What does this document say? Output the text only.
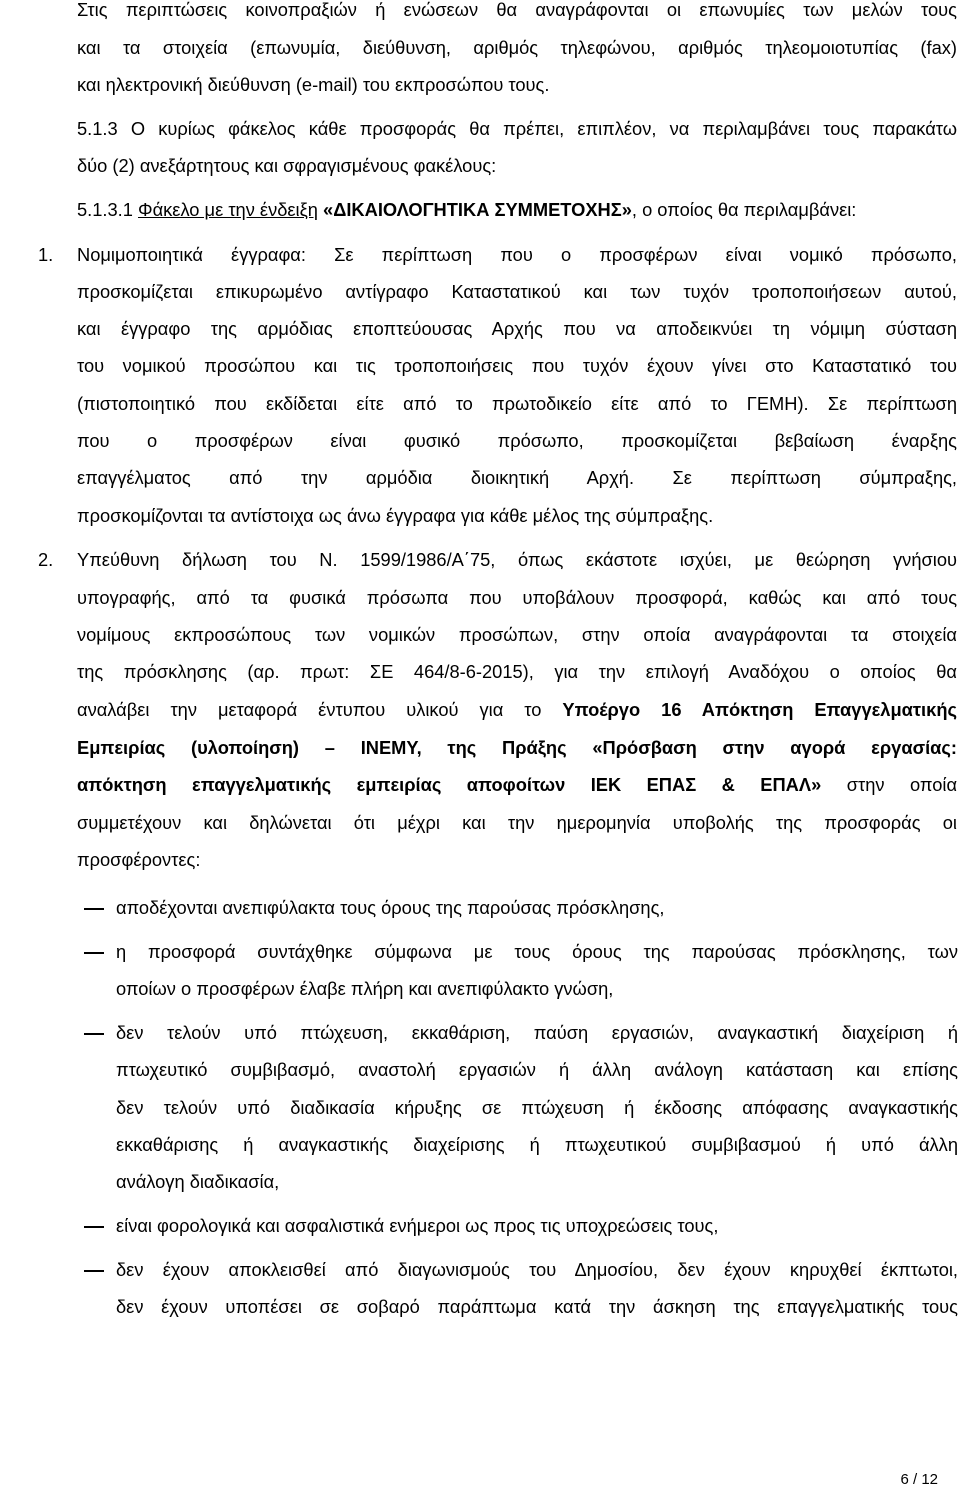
Στις περιπτώσεις κοινοπραξιών ή ενώσεων θα αναγράφονται οι επωνυμίες των μελών τους
και τα στοιχεία (επωνυμία, διεύθυνση, αριθμός τηλεφώνου, αριθμός τηλεομοιοτυπίας (fax)
και ηλεκτρονική διεύθυνση (e-mail) του εκπροσώπου τους.
5.1.3 Ο κυρίως φάκελος κάθε προσφοράς θα πρέπει, επιπλέον, να περιλαμβάνει τους παρακάτω
δύο (2) ανεξάρτητους και σφραγισμένους φακέλους:
5.1.3.1 Φάκελο με την ένδειξη «ΔΙΚΑΙΟΛΟΓΗΤΙΚΑ ΣΥΜΜΕΤΟΧΗΣ», ο οποίος θα περιλαμβάνει:
1.	Νομιμοποιητικά έγγραφα: Σε περίπτωση που ο προσφέρων είναι νομικό πρόσωπο,
προσκομίζεται επικυρωμένο αντίγραφο Καταστατικού και των τυχόν τροποποιήσεων αυτού,
και έγγραφο της αρμόδιας εποπτεύουσας Αρχής που να αποδεικνύει τη νόμιμη σύσταση
του νομικού προσώπου και τις τροποποιήσεις που τυχόν έχουν γίνει στο Καταστατικό του
(πιστοποιητικό που εκδίδεται είτε από το πρωτοδικείο είτε από το ΓΕΜΗ). Σε περίπτωση
που ο προσφέρων είναι φυσικό πρόσωπο, προσκομίζεται βεβαίωση έναρξης
επαγγέλματος από την αρμόδια διοικητική Αρχή. Σε περίπτωση σύμπραξης,
προσκομίζονται τα αντίστοιχα ως άνω έγγραφα για κάθε μέλος της σύμπραξης.
2.	Υπεύθυνη δήλωση του Ν. 1599/1986/Α΄75, όπως εκάστοτε ισχύει, με θεώρηση γνήσιου
υπογραφής, από τα φυσικά πρόσωπα που υποβάλουν προσφορά, καθώς και από τους
νομίμους εκπροσώπους των νομικών προσώπων, στην οποία αναγράφονται τα στοιχεία
της πρόσκλησης (αρ. πρωτ: ΣΕ 464/8-6-2015), για την επιλογή Αναδόχου ο οποίος θα
αναλάβει την μεταφορά έντυπου υλικού για το Υποέργο 16 Απόκτηση Επαγγελματικής
Εμπειρίας (υλοποίηση) – ΙΝΕΜΥ, της Πράξης «Πρόσβαση στην αγορά εργασίας:
απόκτηση επαγγελματικής εμπειρίας αποφοίτων ΙΕΚ ΕΠΑΣ & ΕΠΑΛ» στην οποία
συμμετέχουν και δηλώνεται ότι μέχρι και την ημερομηνία υποβολής της προσφοράς οι
προσφέροντες:
αποδέχονται ανεπιφύλακτα τους όρους της παρούσας πρόσκλησης,
η προσφορά συντάχθηκε σύμφωνα με τους όρους της παρούσας πρόσκλησης, των
οποίων ο προσφέρων έλαβε πλήρη και ανεπιφύλακτο γνώση,
δεν τελούν υπό πτώχευση, εκκαθάριση, παύση εργασιών, αναγκαστική διαχείριση ή
πτωχευτικό συμβιβασμό, αναστολή εργασιών ή άλλη ανάλογη κατάσταση και επίσης
δεν τελούν υπό διαδικασία κήρυξης σε πτώχευση ή έκδοσης απόφασης αναγκαστικής
εκκαθάρισης ή αναγκαστικής διαχείρισης ή πτωχευτικού συμβιβασμού ή υπό άλλη
ανάλογη διαδικασία,
είναι φορολογικά και ασφαλιστικά ενήμεροι ως προς τις υποχρεώσεις τους,
δεν έχουν αποκλεισθεί από διαγωνισμούς του Δημοσίου, δεν έχουν κηρυχθεί έκπτωτοι,
δεν έχουν υποπέσει σε σοβαρό παράπτωμα κατά την άσκηση της επαγγελματικής τους
6 / 12
